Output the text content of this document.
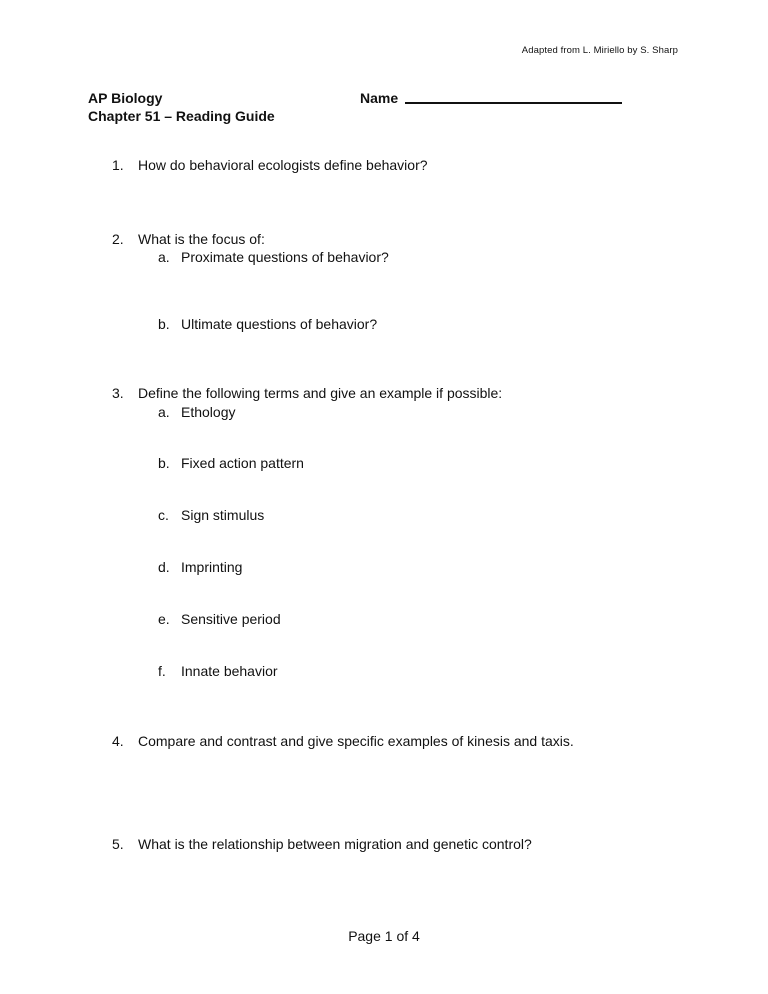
Adapted from L. Miriello by S. Sharp
AP Biology
Chapter 51 – Reading Guide
Name
1.	How do behavioral ecologists define behavior?
2.	What is the focus of:
a. Proximate questions of behavior?
b. Ultimate questions of behavior?
3.	Define the following terms and give an example if possible:
a. Ethology
b. Fixed action pattern
c. Sign stimulus
d. Imprinting
e. Sensitive period
f.	Innate behavior
4.	Compare and contrast and give specific examples of kinesis and taxis.
5.	What is the relationship between migration and genetic control?
Page 1 of 4
